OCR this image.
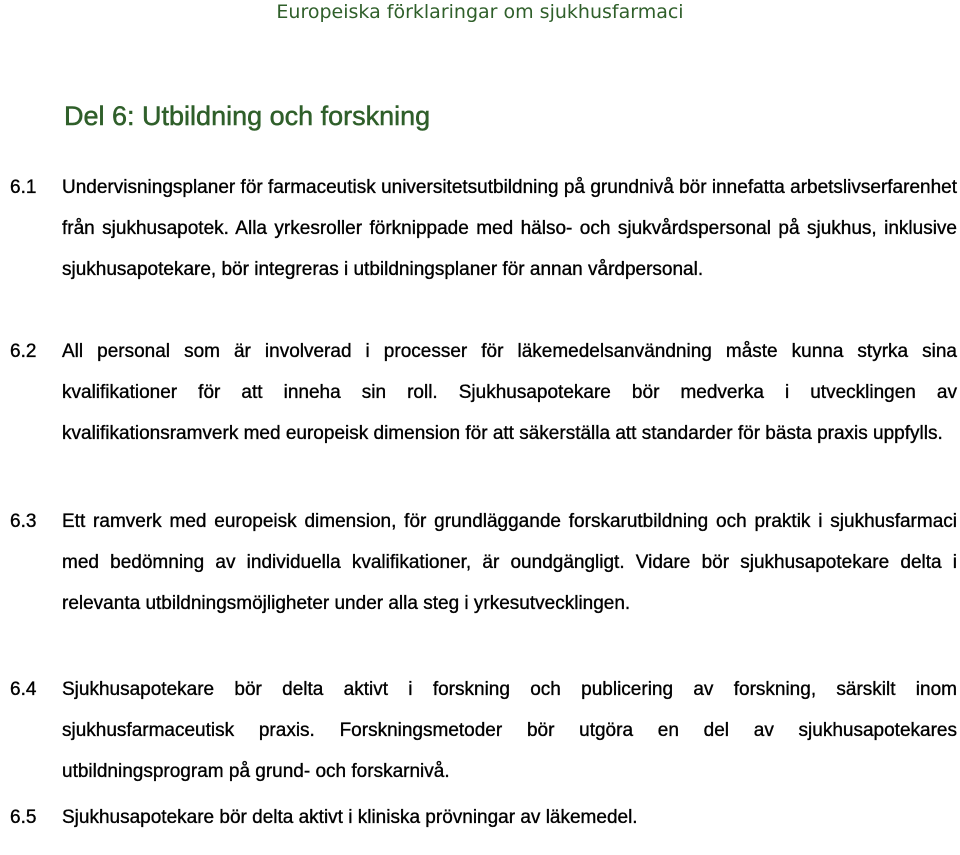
Europeiska förklaringar om sjukhusfarmaci
Del 6: Utbildning och forskning
6.1 Undervisningsplaner för farmaceutisk universitetsutbildning på grundnivå bör innefatta arbetslivserfarenhet från sjukhusapotek. Alla yrkesroller förknippade med hälso- och sjukvårdspersonal på sjukhus, inklusive sjukhusapotekare, bör integreras i utbildningsplaner för annan vårdpersonal.
6.2 All personal som är involverad i processer för läkemedelsanvändning måste kunna styrka sina kvalifikationer för att inneha sin roll. Sjukhusapotekare bör medverka i utvecklingen av kvalifikationsramverk med europeisk dimension för att säkerställa att standarder för bästa praxis uppfylls.
6.3 Ett ramverk med europeisk dimension, för grundläggande forskarutbildning och praktik i sjukhusfarmaci med bedömning av individuella kvalifikationer, är oundgängligt. Vidare bör sjukhusapotekare delta i relevanta utbildningsmöjligheter under alla steg i yrkesutvecklingen.
6.4 Sjukhusapotekare bör delta aktivt i forskning och publicering av forskning, särskilt inom sjukhusfarmaceutisk praxis. Forskningsmetoder bör utgöra en del av sjukhusapotekares utbildningsprogram på grund- och forskarnivå.
6.5 Sjukhusapotekare bör delta aktivt i kliniska prövningar av läkemedel.
